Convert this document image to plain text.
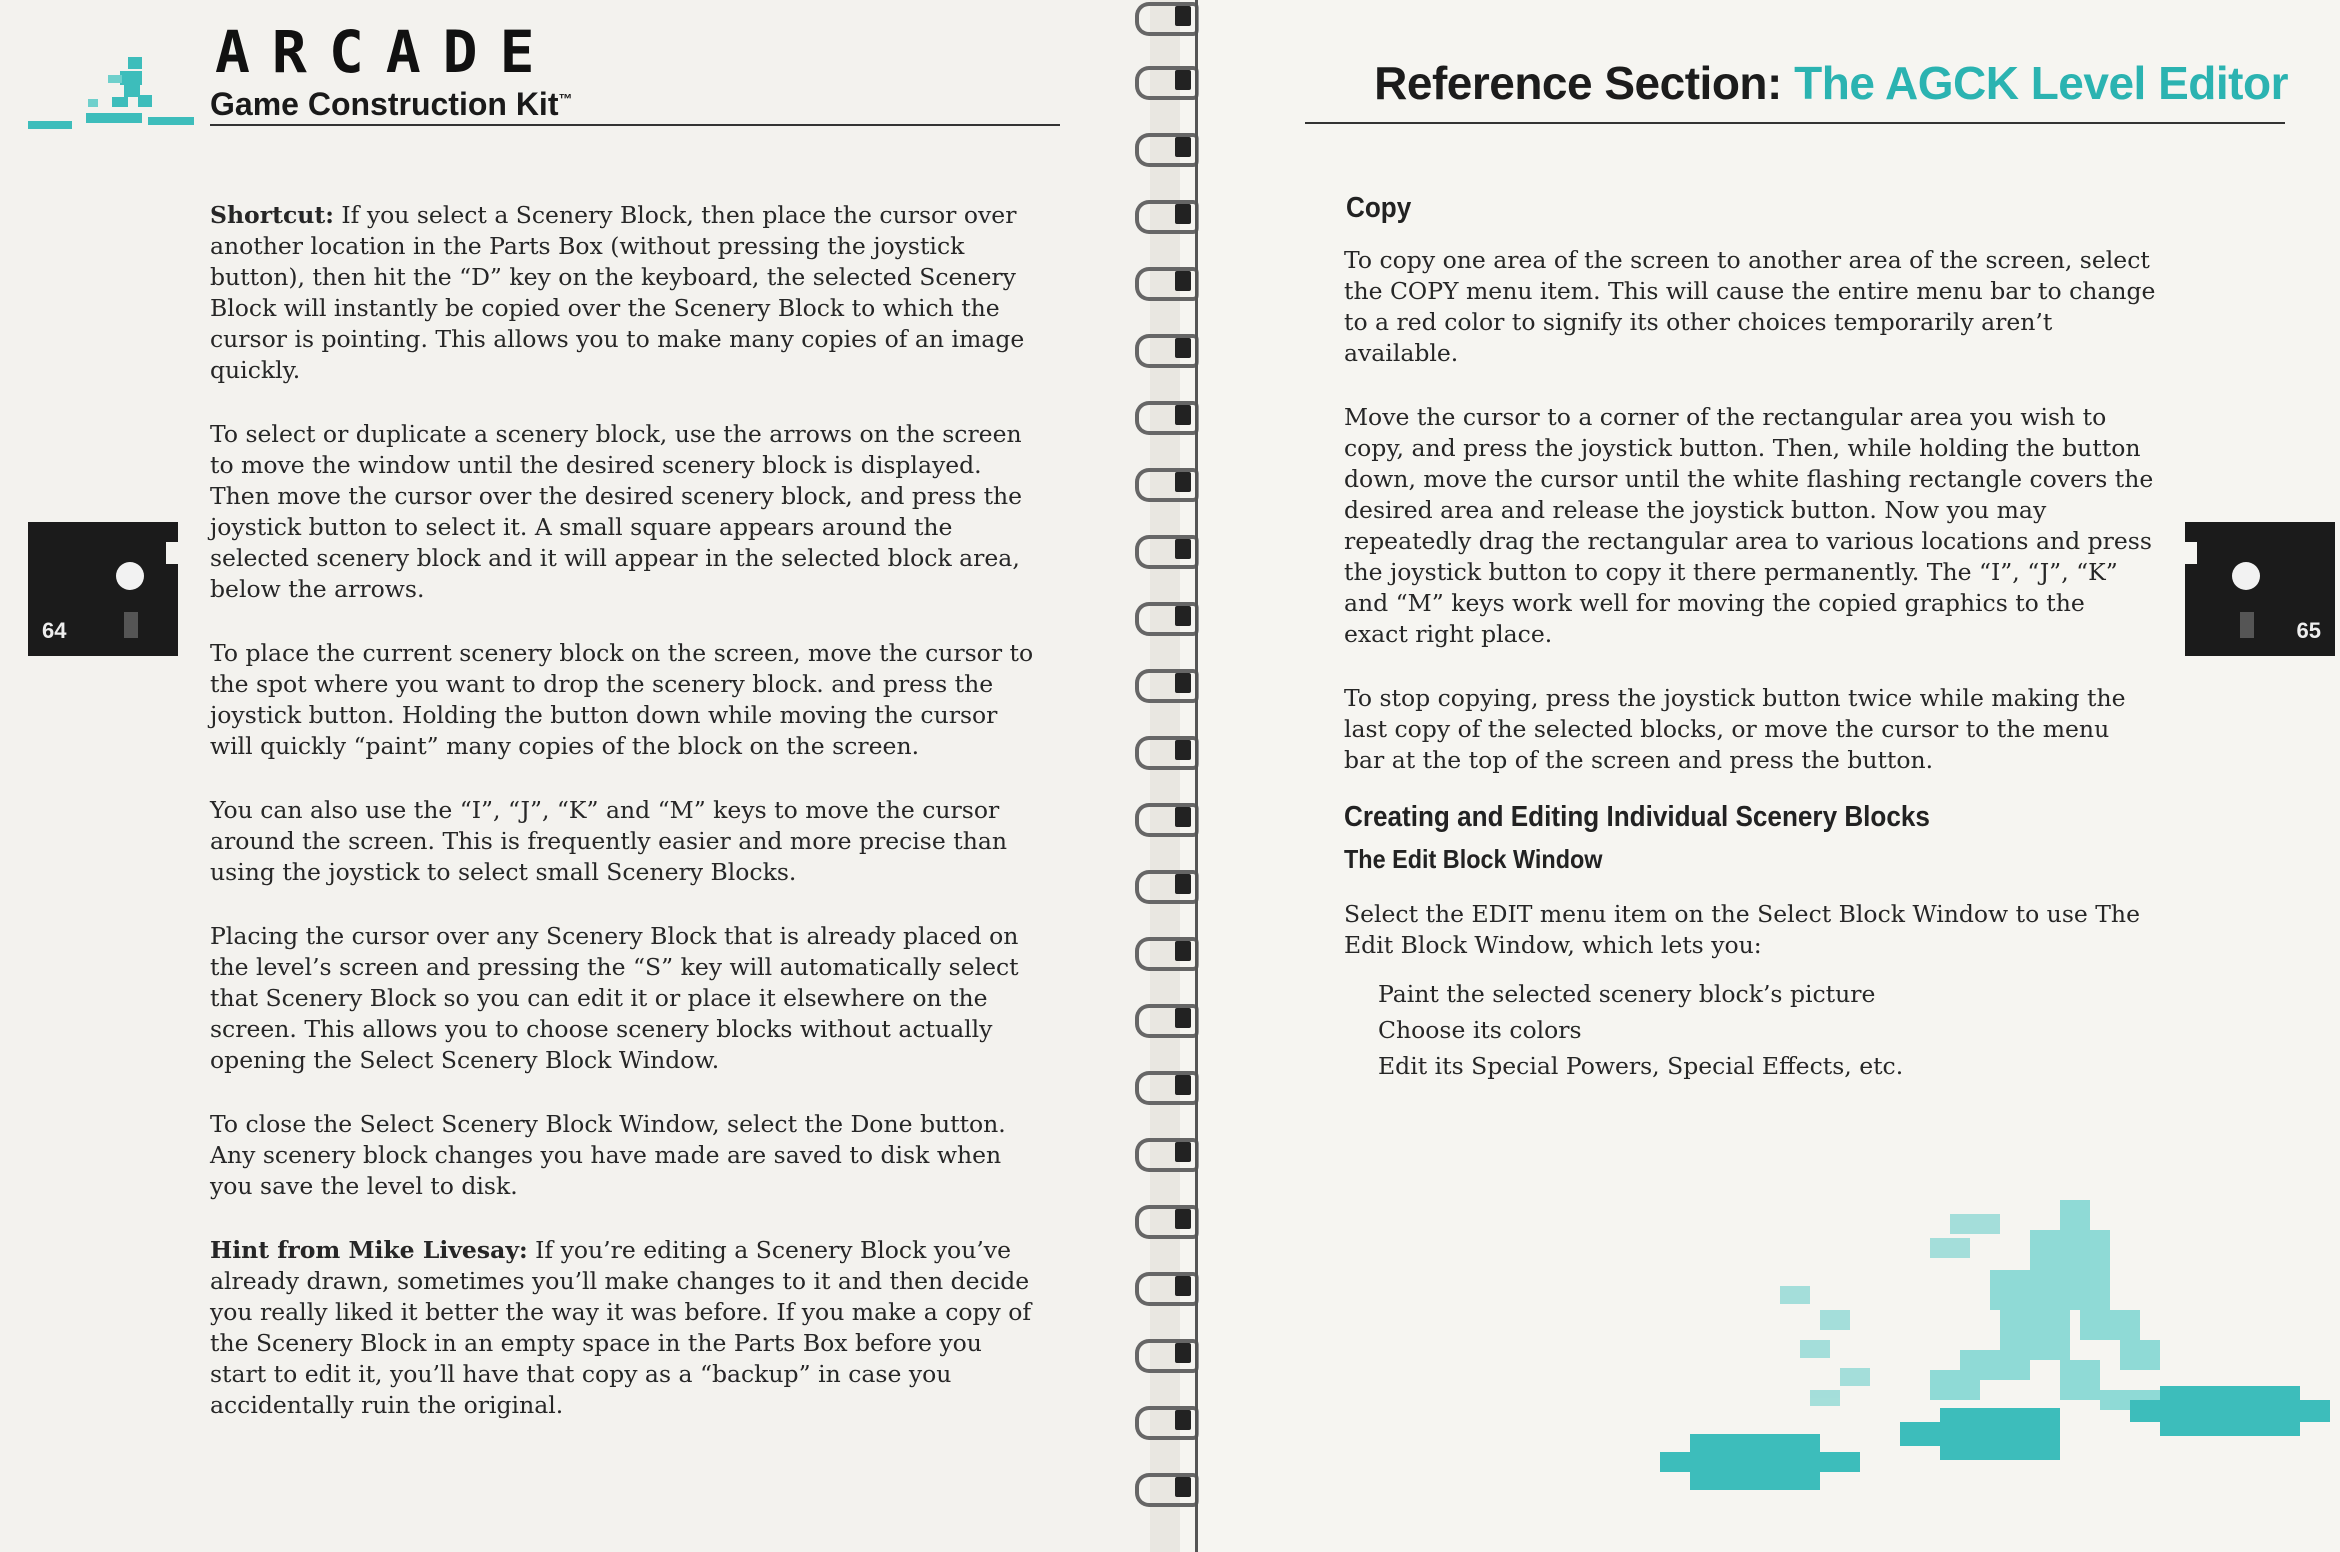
ARCADE
Game Construction Kit™
64

Shortcut: If you select a Scenery Block, then place the cursor over another location in the Parts Box (without pressing the joystick button), then hit the “D” key on the keyboard, the selected Scenery Block will instantly be copied over the Scenery Block to which the cursor is pointing. This allows you to make many copies of an image quickly.

To select or duplicate a scenery block, use the arrows on the screen to move the window until the desired scenery block is displayed. Then move the cursor over the desired scenery block, and press the joystick button to select it. A small square appears around the selected scenery block and it will appear in the selected block area, below the arrows.

To place the current scenery block on the screen, move the cursor to the spot where you want to drop the scenery block. and press the joystick button. Holding the button down while moving the cursor will quickly “paint” many copies of the block on the screen.

You can also use the “I”, “J”, “K” and “M” keys to move the cursor around the screen. This is frequently easier and more precise than using the joystick to select small Scenery Blocks.

Placing the cursor over any Scenery Block that is already placed on the level’s screen and pressing the “S” key will automatically select that Scenery Block so you can edit it or place it elsewhere on the screen. This allows you to choose scenery blocks without actually opening the Select Scenery Block Window.

To close the Select Scenery Block Window, select the Done button. Any scenery block changes you have made are saved to disk when you save the level to disk.

Hint from Mike Livesay: If you’re editing a Scenery Block you’ve already drawn, sometimes you’ll make changes to it and then decide you really liked it better the way it was before. If you make a copy of the Scenery Block in an empty space in the Parts Box before you start to edit it, you’ll have that copy as a “backup” in case you accidentally ruin the original.

Reference Section: The AGCK Level Editor
65
Copy

To copy one area of the screen to another area of the screen, select the COPY menu item. This will cause the entire menu bar to change to a red color to signify its other choices temporarily aren’t available.

Move the cursor to a corner of the rectangular area you wish to copy, and press the joystick button. Then, while holding the button down, move the cursor until the white flashing rectangle covers the desired area and release the joystick button. Now you may repeatedly drag the rectangular area to various locations and press the joystick button to copy it there permanently. The “I”, “J”, “K” and “M” keys work well for moving the copied graphics to the exact right place.

To stop copying, press the joystick button twice while making the last copy of the selected blocks, or move the cursor to the menu bar at the top of the screen and press the button.

Creating and Editing Individual Scenery Blocks
The Edit Block Window

Select the EDIT menu item on the Select Block Window to use The Edit Block Window, which lets you:

Paint the selected scenery block’s picture
Choose its colors
Edit its Special Powers, Special Effects, etc.
